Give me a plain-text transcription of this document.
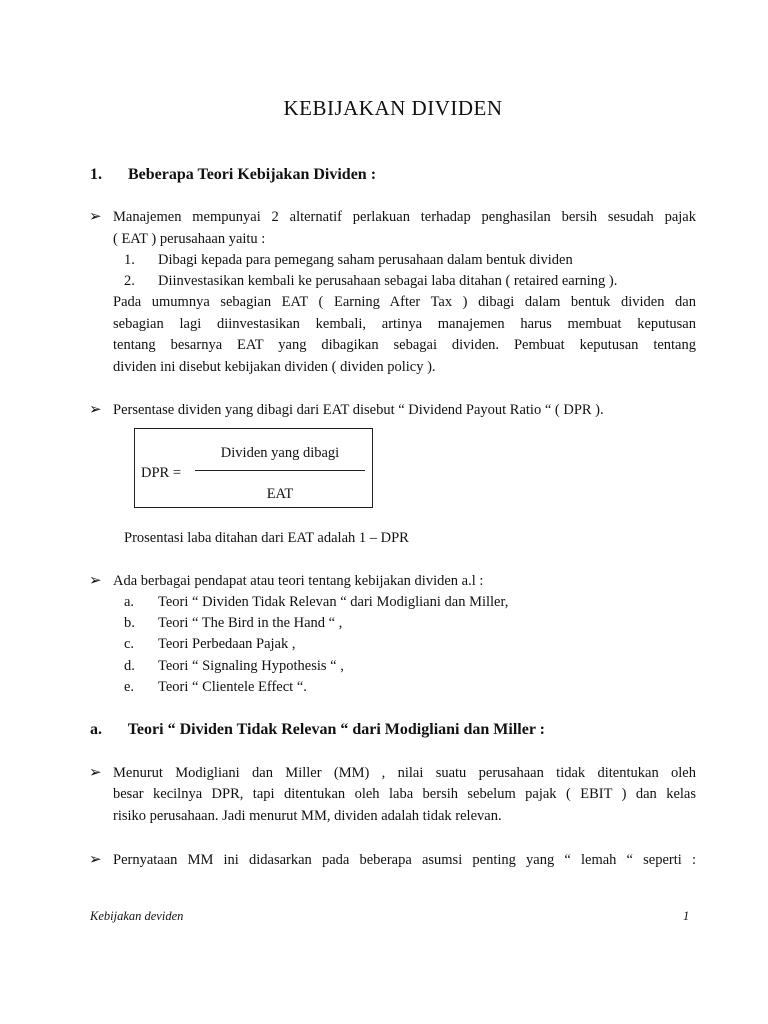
KEBIJAKAN DIVIDEN
1. Beberapa Teori Kebijakan Dividen :
➢ Manajemen mempunyai 2 alternatif perlakuan terhadap penghasilan bersih sesudah pajak
( EAT ) perusahaan yaitu :
1. Dibagi kepada para pemegang saham perusahaan dalam bentuk dividen
2. Diinvestasikan kembali ke perusahaan sebagai laba ditahan ( retaired earning ).
Pada umumnya sebagian EAT ( Earning After Tax ) dibagi dalam bentuk dividen dan
sebagian lagi diinvestasikan kembali, artinya manajemen harus membuat keputusan
tentang besarnya EAT yang dibagikan sebagai dividen. Pembuat keputusan tentang
dividen ini disebut kebijakan dividen ( dividen policy ).
➢ Persentase dividen yang dibagi dari EAT disebut “ Dividend Payout Ratio “ ( DPR ).
DPR =
Dividen yang dibagi
EAT
Prosentasi laba ditahan dari EAT adalah 1 – DPR
➢ Ada berbagai pendapat atau teori tentang kebijakan dividen a.l :
a. Teori “ Dividen Tidak Relevan “ dari Modigliani dan Miller,
b. Teori “ The Bird in the Hand “ ,
c. Teori Perbedaan Pajak ,
d. Teori “ Signaling Hypothesis “ ,
e. Teori “ Clientele Effect “.
a. Teori “ Dividen Tidak Relevan “ dari Modigliani dan Miller :
➢ Menurut Modigliani dan Miller (MM) , nilai suatu perusahaan tidak ditentukan oleh
besar kecilnya DPR, tapi ditentukan oleh laba bersih sebelum pajak ( EBIT ) dan kelas
risiko perusahaan. Jadi menurut MM, dividen adalah tidak relevan.
➢ Pernyataan MM ini didasarkan pada beberapa asumsi penting yang “ lemah “ seperti :
Kebijakan deviden	1
